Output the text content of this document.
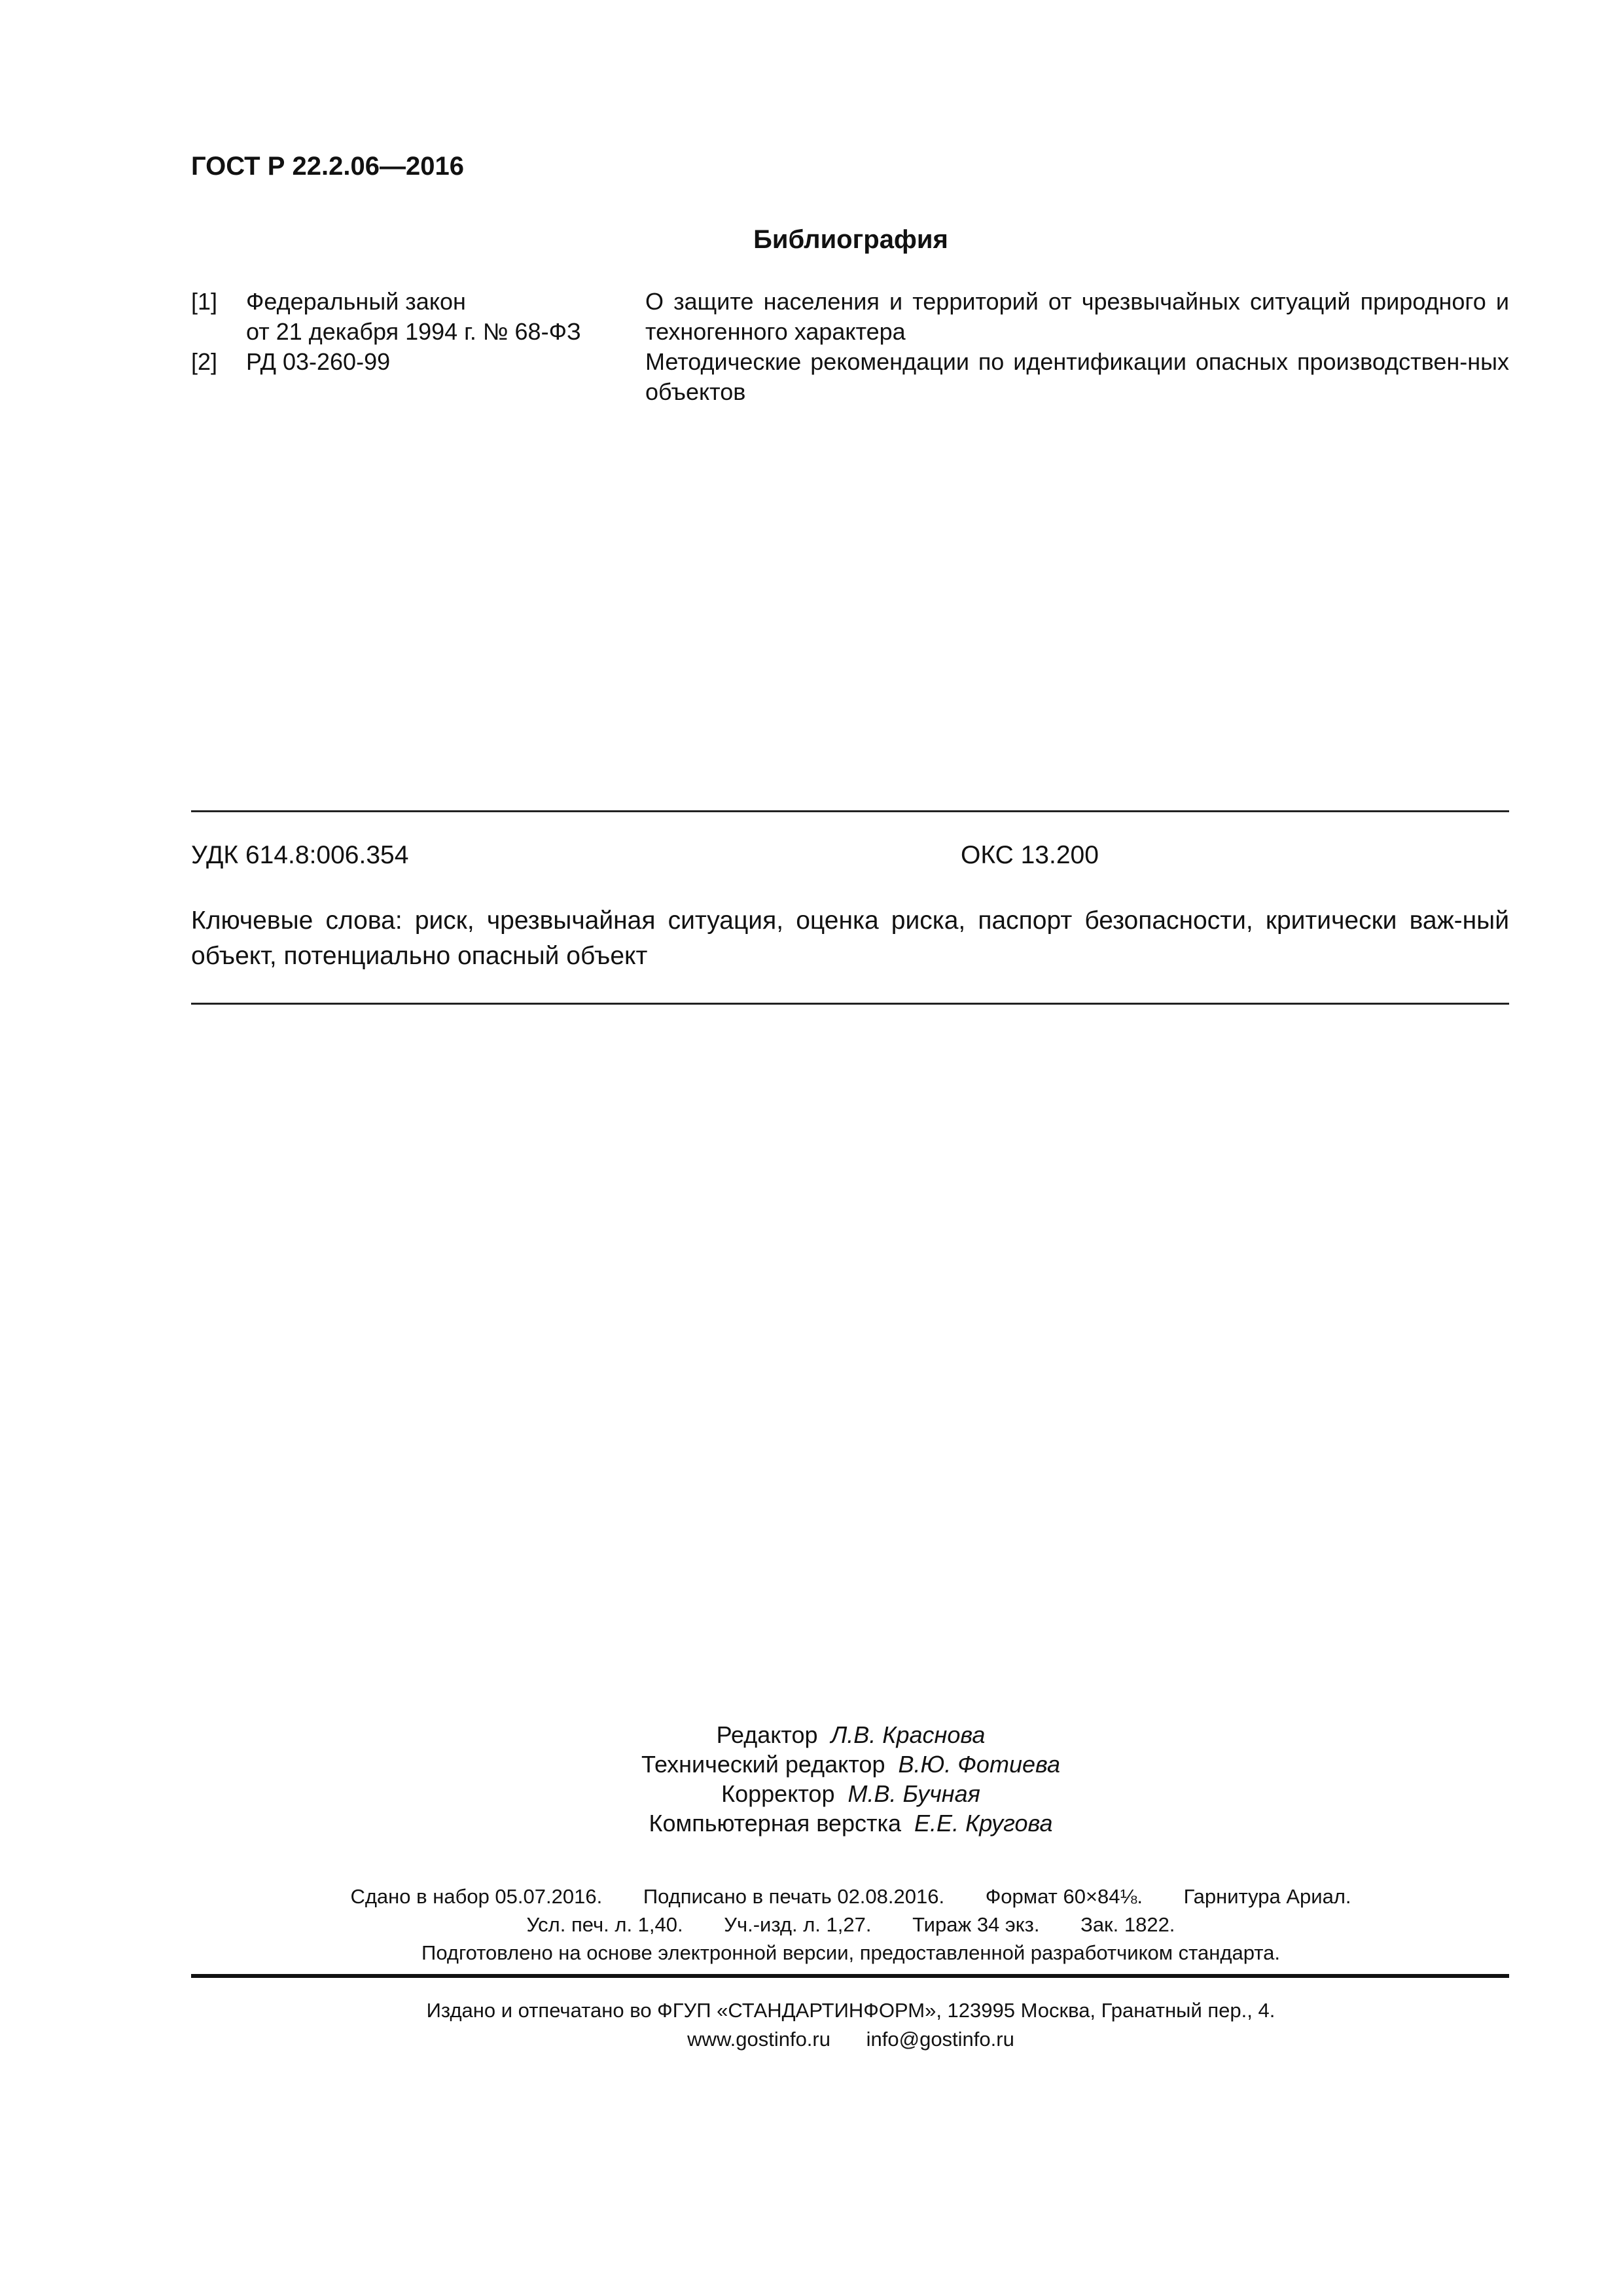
ГОСТ Р 22.2.06—2016
Библиография
[1] Федеральный закон
от 21 декабря 1994 г. № 68-ФЗ
О защите населения и территорий от чрезвычайных ситуаций природного и техногенного характера
[2] РД 03-260-99	Методические рекомендации по идентификации опасных производствен-ных объектов
УДК 614.8:006.354	ОКС 13.200
Ключевые слова: риск, чрезвычайная ситуация, оценка риска, паспорт безопасности, критически важ-ный объект, потенциально опасный объект
Редактор Л.В. Краснова
Технический редактор В.Ю. Фотиева
Корректор М.В. Бучная
Компьютерная верстка Е.Е. Кругова
Сдано в набор 05.07.2016. Подписано в печать 02.08.2016. Формат 60×84⅛. Гарнитура Ариал.
Усл. печ. л. 1,40. Уч.-изд. л. 1,27. Тираж 34 экз. Зак. 1822.
Подготовлено на основе электронной версии, предоставленной разработчиком стандарта.
Издано и отпечатано во ФГУП «СТАНДАРТИНФОРМ», 123995 Москва, Гранатный пер., 4.
www.gostinfo.ru info@gostinfo.ru
